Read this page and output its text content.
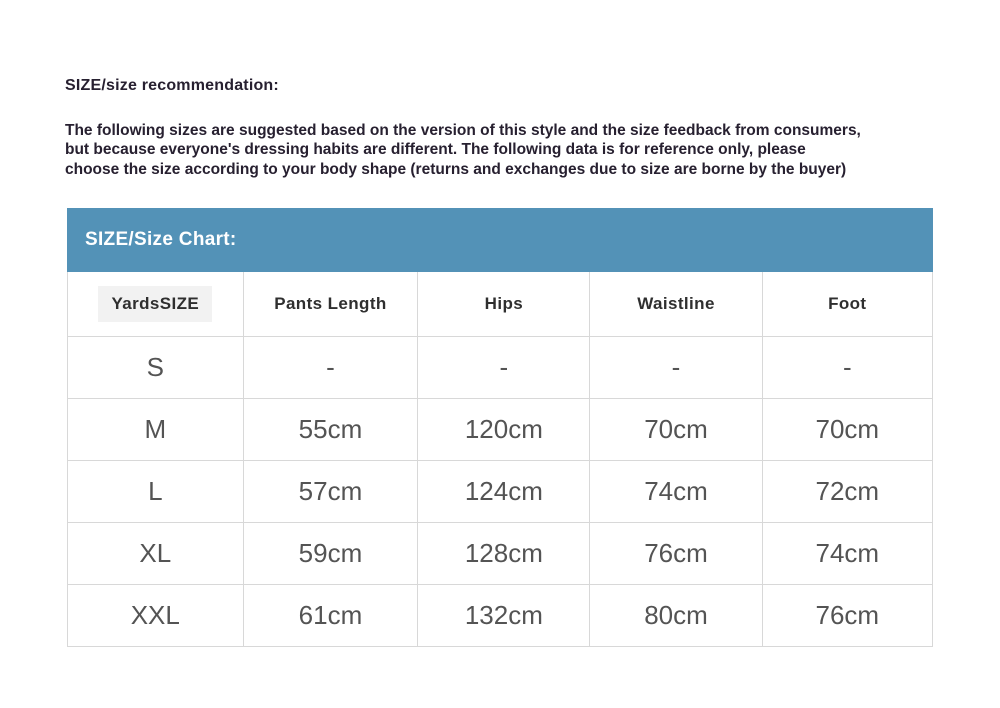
SIZE/size recommendation:
The following sizes are suggested based on the version of this style and the size feedback from consumers,
but because everyone's dressing habits are different. The following data is for reference only, please
choose the size according to your body shape (returns and exchanges due to size are borne by the buyer)
SIZE/Size Chart:
YardsSIZE	Pants Length	Hips	Waistline	Foot
S	-	-	-	-
M	55cm	120cm	70cm	70cm
L	57cm	124cm	74cm	72cm
XL	59cm	128cm	76cm	74cm
XXL	61cm	132cm	80cm	76cm
